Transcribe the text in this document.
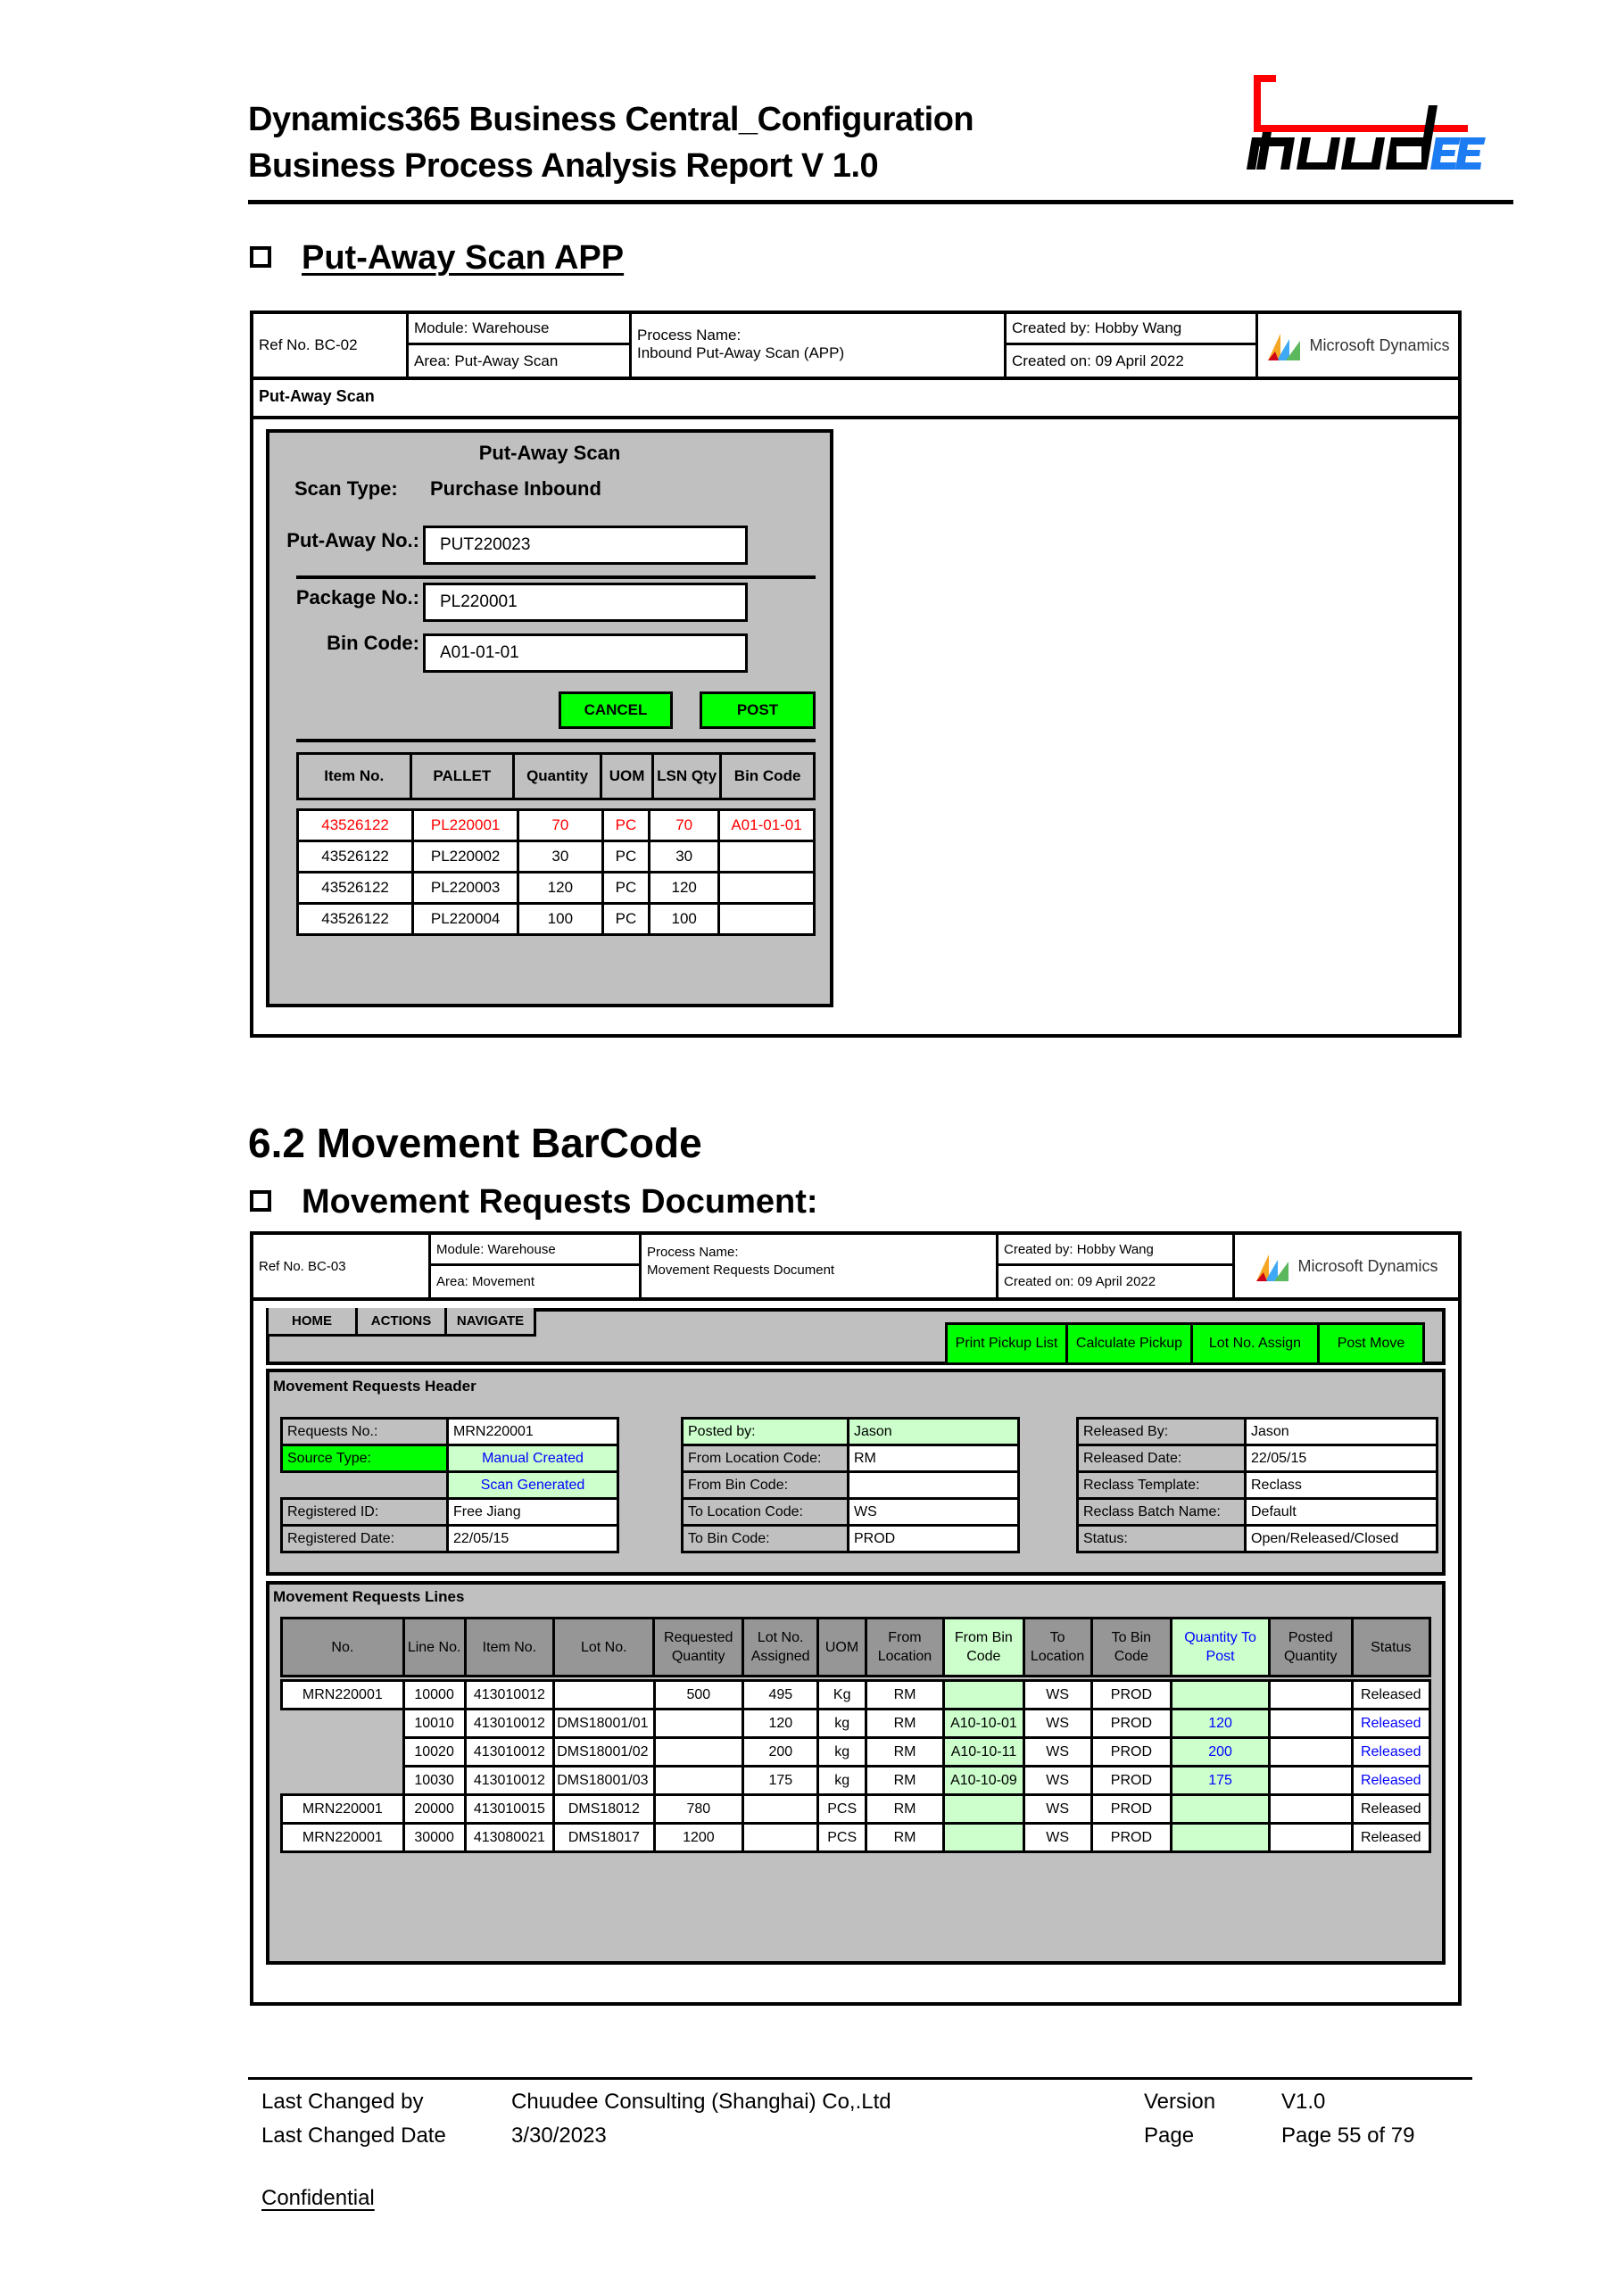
Dynamics365 Business Central_Configuration
Business Process Analysis Report V 1.0
Put-Away Scan APP
Ref No. BC-02
Module: Warehouse
Area: Put-Away Scan
Process Name:
Inbound Put-Away Scan (APP)
Created by: Hobby Wang
Created on: 09 April 2022
Microsoft Dynamics
Put-Away Scan
Put-Away Scan
Scan Type: Purchase Inbound
Put-Away No.:	PUT220023
Package No.:	PL220001
Bin Code:	A01-01-01
CANCEL	POST
Item No.	PALLET	Quantity	UOM	LSN Qty	Bin Code
43526122	PL220001	70	PC	70	A01-01-01
43526122	PL220002	30	PC	30	
43526122	PL220003	120	PC	120	
43526122	PL220004	100	PC	100	
6.2 Movement BarCode
Movement Requests Document:
Ref No. BC-03
Module: Warehouse
Area: Movement
Process Name:
Movement Requests Document
Created by: Hobby Wang
Created on: 09 April 2022
Microsoft Dynamics
HOME	ACTIONS	NAVIGATE
Print Pickup List	Calculate Pickup	Lot No. Assign	Post Move
Movement Requests Header
Requests No.:	MRN220001
Source Type:	Manual Created
	Scan Generated
Registered ID:	Free Jiang
Registered Date:	22/05/15
Posted by:	Jason
From Location Code:	RM
From Bin Code:	
To Location Code:	WS
To Bin Code:	PROD
Released By:	Jason
Released Date:	22/05/15
Reclass Template:	Reclass
Reclass Batch Name:	Default
Status:	Open/Released/Closed
Movement Requests Lines
No.	Line No.	Item No.	Lot No.	Requested Quantity	Lot No. Assigned	UOM	From Location	From Bin Code	To Location	To Bin Code	Quantity To Post	Posted Quantity	Status
MRN220001	10000	413010012		500	495	Kg	RM		WS	PROD			Released
	10010	413010012	DMS18001/01		120	kg	RM	A10-10-01	WS	PROD	120		Released
	10020	413010012	DMS18001/02		200	kg	RM	A10-10-11	WS	PROD	200		Released
	10030	413010012	DMS18001/03		175	kg	RM	A10-10-09	WS	PROD	175		Released
MRN220001	20000	413010015	DMS18012	780		PCS	RM		WS	PROD			Released
MRN220001	30000	413080021	DMS18017	1200		PCS	RM		WS	PROD			Released
Last Changed by	Chuudee Consulting (Shanghai) Co,.Ltd	Version	V1.0
Last Changed Date	3/30/2023	Page	Page 55 of 79
Confidential
